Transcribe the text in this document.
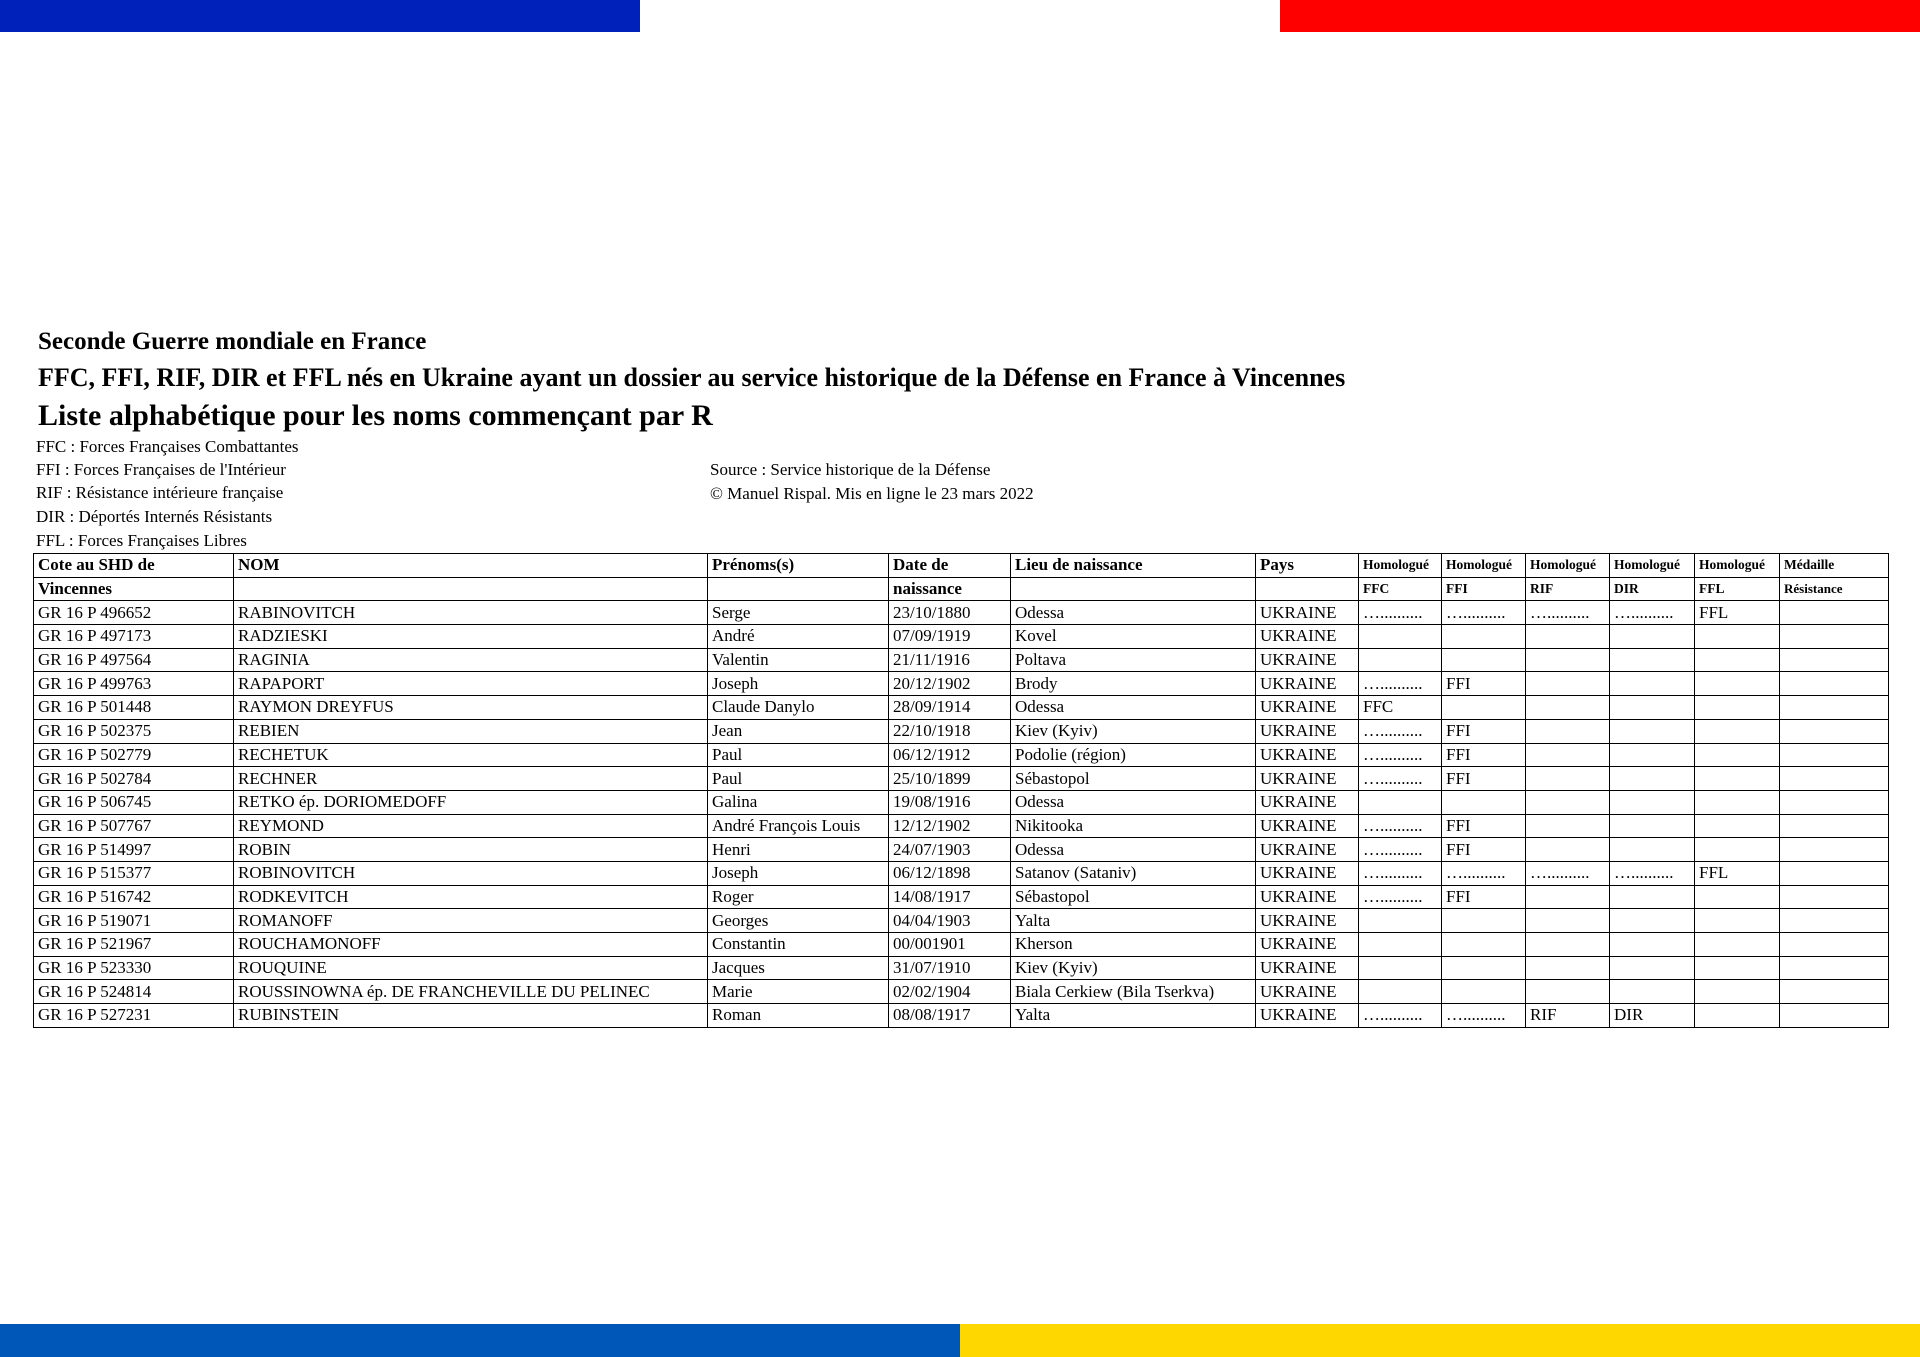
Seconde Guerre mondiale en France
FFC, FFI, RIF, DIR et FFL nés en Ukraine ayant un dossier au service historique de la Défense en France à Vincennes
Liste alphabétique pour les noms commençant par R
FFC : Forces Françaises Combattantes
FFI : Forces Françaises de l'Intérieur
RIF : Résistance intérieure française
DIR : Déportés Internés Résistants
FFL : Forces Françaises Libres
Source : Service historique de la Défense
© Manuel Rispal. Mis en ligne le 23 mars 2022
Cote au SHD de	NOM	Prénoms(s)	Date de	Lieu de naissance	Pays	Homologué	Homologué	Homologué	Homologué	Homologué	Médaille
Vincennes			naissance			FFC	FFI	RIF	DIR	FFL	Résistance
GR 16 P 496652	RABINOVITCH	Serge	23/10/1880	Odessa	UKRAINE	…..........	…..........	…..........	…..........	FFL	
GR 16 P 497173	RADZIESKI	André	07/09/1919	Kovel	UKRAINE						
GR 16 P 497564	RAGINIA	Valentin	21/11/1916	Poltava	UKRAINE						
GR 16 P 499763	RAPAPORT	Joseph	20/12/1902	Brody	UKRAINE	…..........	FFI				
GR 16 P 501448	RAYMON DREYFUS	Claude Danylo	28/09/1914	Odessa	UKRAINE	FFC					
GR 16 P 502375	REBIEN	Jean	22/10/1918	Kiev (Kyiv)	UKRAINE	…..........	FFI				
GR 16 P 502779	RECHETUK	Paul	06/12/1912	Podolie (région)	UKRAINE	…..........	FFI				
GR 16 P 502784	RECHNER	Paul	25/10/1899	Sébastopol	UKRAINE	…..........	FFI				
GR 16 P 506745	RETKO ép. DORIOMEDOFF	Galina	19/08/1916	Odessa	UKRAINE						
GR 16 P 507767	REYMOND	André François Louis	12/12/1902	Nikitooka	UKRAINE	…..........	FFI				
GR 16 P 514997	ROBIN	Henri	24/07/1903	Odessa	UKRAINE	…..........	FFI				
GR 16 P 515377	ROBINOVITCH	Joseph	06/12/1898	Satanov (Sataniv)	UKRAINE	…..........	…..........	…..........	…..........	FFL	
GR 16 P 516742	RODKEVITCH	Roger	14/08/1917	Sébastopol	UKRAINE	…..........	FFI				
GR 16 P 519071	ROMANOFF	Georges	04/04/1903	Yalta	UKRAINE						
GR 16 P 521967	ROUCHAMONOFF	Constantin	00/001901	Kherson	UKRAINE						
GR 16 P 523330	ROUQUINE	Jacques	31/07/1910	Kiev (Kyiv)	UKRAINE						
GR 16 P 524814	ROUSSINOWNA ép. DE FRANCHEVILLE DU PELINEC	Marie	02/02/1904	Biala Cerkiew (Bila Tserkva)	UKRAINE						
GR 16 P 527231	RUBINSTEIN	Roman	08/08/1917	Yalta	UKRAINE	…..........	…..........	RIF	DIR		
